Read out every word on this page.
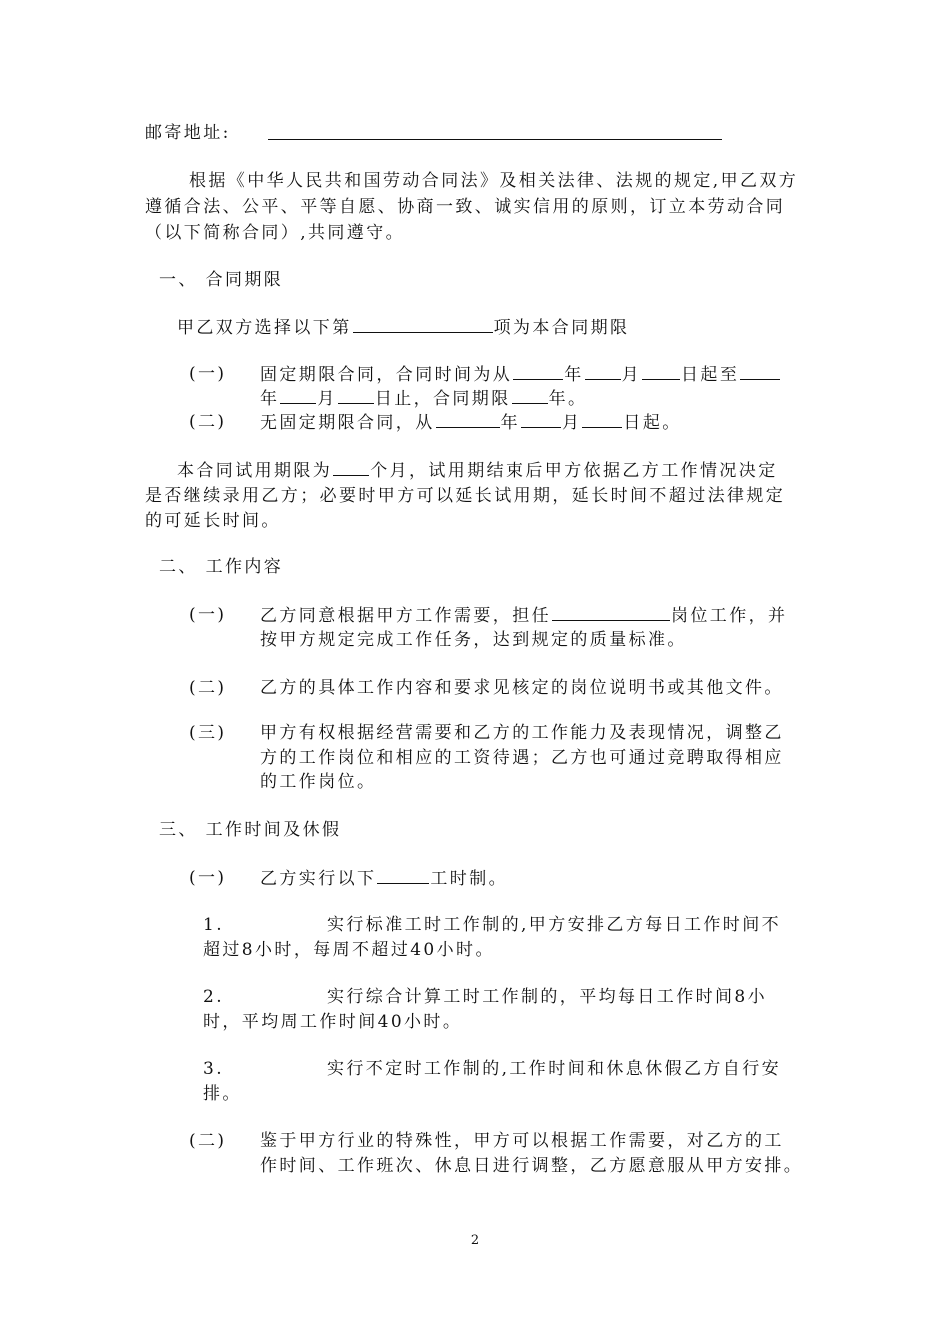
邮寄地址:
根据《中华人民共和国劳动合同法》及相关法律、法规的规定,甲乙双方
遵循合法、公平、平等自愿、协商一致、诚实信用的原则，订立本劳动合同
（以下简称合同）,共同遵守。
一、 合同期限
甲乙双方选择以下第	项为本合同期限
(一) 固定期限合同，合同时间为从	年 月 日起至
年 月 日止，合同期限 年。
(二) 无固定期限合同，从	年 月 日起。
本合同试用期限为 个月，试用期结束后甲方依据乙方工作情况决定
是否继续录用乙方；必要时甲方可以延长试用期，延长时间不超过法律规定
的可延长时间。
二、 工作内容
(一) 乙方同意根据甲方工作需要，担任	岗位工作，并
按甲方规定完成工作任务，达到规定的质量标准。
(二) 乙方的具体工作内容和要求见核定的岗位说明书或其他文件。
(三) 甲方有权根据经营需要和乙方的工作能力及表现情况，调整乙
方的工作岗位和相应的工资待遇；乙方也可通过竞聘取得相应
的工作岗位。
三、 工作时间及休假
(一) 乙方实行以下	工时制。
1.	实行标准工时工作制的,甲方安排乙方每日工作时间不
超过8小时，每周不超过40小时。
2.	实行综合计算工时工作制的，平均每日工作时间8小
时，平均周工作时间40小时。
3.	实行不定时工作制的,工作时间和休息休假乙方自行安
排。
(二) 鉴于甲方行业的特殊性，甲方可以根据工作需要，对乙方的工
作时间、工作班次、休息日进行调整，乙方愿意服从甲方安排。
2
